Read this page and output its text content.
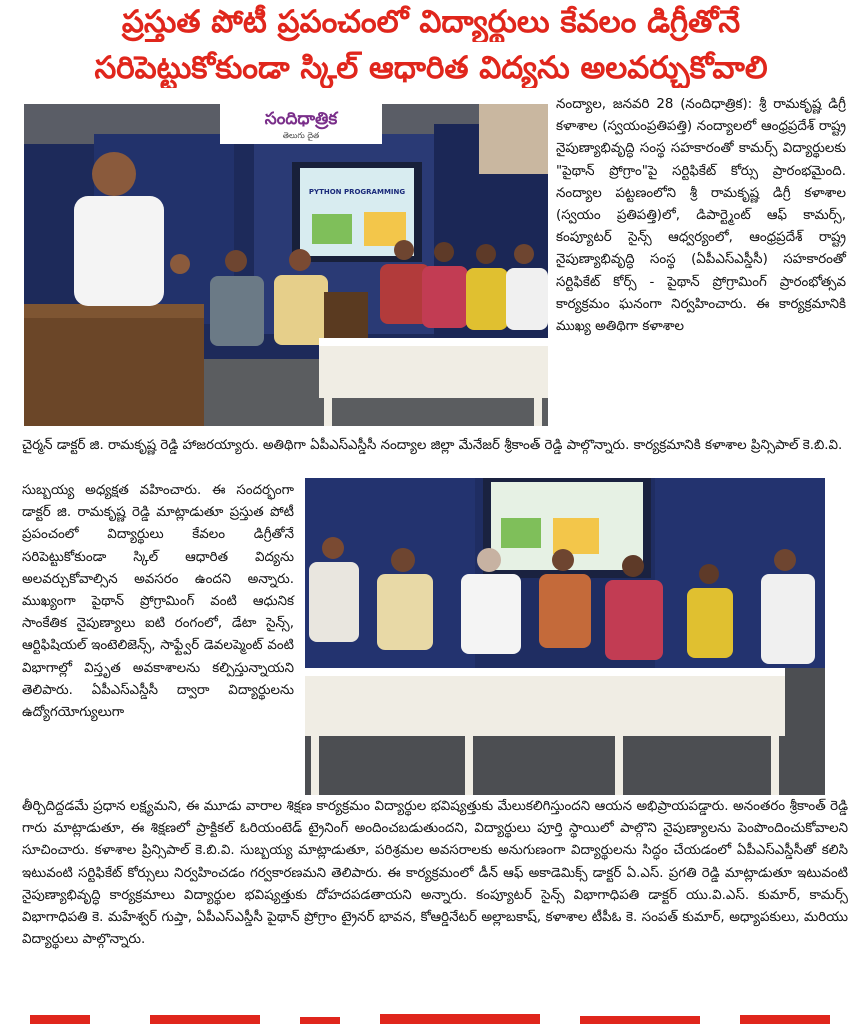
ప్రస్తుత పోటీ ప్రపంచంలో విద్యార్థులు కేవలం డిగ్రీతోనే
సరిపెట్టుకోకుండా స్కిల్ ఆధారిత విద్యను అలవర్చుకోవాలి
PYTHON PROGRAMMING
సందిధాత్రిక
తెలుగు దైత
నంద్యాల, జనవరి 28 (నందిధాత్రిక): శ్రీ రామకృష్ణ డిగ్రీ కళాశాల (స్వయంప్రతిపత్తి) నంద్యాలలో ఆంధ్రప్రదేశ్ రాష్ట్ర నైపుణ్యాభివృద్ధి సంస్థ సహకారంతో కామర్స్ విద్యార్థులకు "పైథాన్ ప్రోగ్రాం"పై సర్టిఫికేట్ కోర్సు ప్రారంభమైంది. నంద్యాల పట్టణంలోని శ్రీ రామకృష్ణ డిగ్రీ కళాశాల (స్వయం ప్రతిపత్తి)లో, డిపార్ట్మెంట్ ఆఫ్ కామర్స్, కంప్యూటర్ సైన్స్ ఆధ్వర్యంలో, ఆంధ్రప్రదేశ్ రాష్ట్ర నైపుణ్యాభివృద్ధి సంస్థ (ఏపీఎస్ఎస్డీసీ) సహకారంతో సర్టిఫికేట్ కోర్స్ - పైథాన్ ప్రోగ్రామింగ్ ప్రారంభోత్సవ కార్యక్రమం ఘనంగా నిర్వహించారు. ఈ కార్యక్రమానికి ముఖ్య అతిథిగా కళాశాల
చైర్మన్ డాక్టర్ జి. రామకృష్ణ రెడ్డి హాజరయ్యారు. అతిథిగా ఏపీఎస్ఎస్డీసీ నంద్యాల జిల్లా మేనేజర్ శ్రీకాంత్ రెడ్డి పాల్గొన్నారు. కార్యక్రమానికి కళాశాల ప్రిన్సిపాల్ కె.బి.వి.
సుబ్బయ్య అధ్యక్షత వహించారు. ఈ సందర్భంగా డాక్టర్ జి. రామకృష్ణ రెడ్డి మాట్లాడుతూ ప్రస్తుత పోటీ ప్రపంచంలో విద్యార్థులు కేవలం డిగ్రీతోనే సరిపెట్టుకోకుండా స్కిల్ ఆధారిత విద్యను అలవర్చుకోవాల్సిన అవసరం ఉందని అన్నారు. ముఖ్యంగా పైథాన్ ప్రోగ్రామింగ్ వంటి ఆధునిక సాంకేతిక నైపుణ్యాలు ఐటి రంగంలో, డేటా సైన్స్, ఆర్టిఫిషియల్ ఇంటెలిజెన్స్, సాఫ్ట్వేర్ డెవలప్మెంట్ వంటి విభాగాల్లో విస్తృత అవకాశాలను కల్పిస్తున్నాయని తెలిపారు. ఏపీఎస్ఎస్డీసీ ద్వారా విద్యార్థులను ఉద్యోగయోగ్యులుగా
తీర్చిదిద్దడమే ప్రధాన లక్ష్యమని, ఈ మూడు వారాల శిక్షణ కార్యక్రమం విద్యార్థుల భవిష్యత్తుకు మేలుకలిగిస్తుందని ఆయన అభిప్రాయపడ్డారు. అనంతరం శ్రీకాంత్ రెడ్డి గారు మాట్లాడుతూ, ఈ శిక్షణలో ప్రాక్టికల్ ఓరియంటెడ్ ట్రైనింగ్ అందించబడుతుందని, విద్యార్థులు పూర్తి స్థాయిలో పాల్గొని నైపుణ్యాలను పెంపొందించుకోవాలని సూచించారు. కళాశాల ప్రిన్సిపాల్ కె.బి.వి. సుబ్బయ్య మాట్లాడుతూ, పరిశ్రమల అవసరాలకు అనుగుణంగా విద్యార్థులను సిద్ధం చేయడంలో ఏపీఎస్ఎస్డీసీతో కలిసి ఇటువంటి సర్టిఫికేట్ కోర్సులు నిర్వహించడం గర్వకారణమని తెలిపారు. ఈ కార్యక్రమంలో డీన్ ఆఫ్ అకాడెమిక్స్ డాక్టర్ ఏ.ఎస్. ప్రగతి రెడ్డి మాట్లాడుతూ ఇటువంటి నైపుణ్యాభివృద్ధి కార్యక్రమాలు విద్యార్థుల భవిష్యత్తుకు దోహదపడతాయని అన్నారు. కంప్యూటర్ సైన్స్ విభాగాధిపతి డాక్టర్ యు.వి.ఎస్. కుమార్, కామర్స్ విభాగాధిపతి కె. మహేశ్వర్ గుప్తా, ఏపీఎస్ఎస్డీసీ పైథాన్ ప్రోగ్రాం ట్రైనర్ భావన, కోఆర్డినేటర్ అల్లాబకాష్, కళాశాల టీపీఓ కె. సంపత్ కుమార్, అధ్యాపకులు, మరియు విద్యార్థులు పాల్గొన్నారు.
